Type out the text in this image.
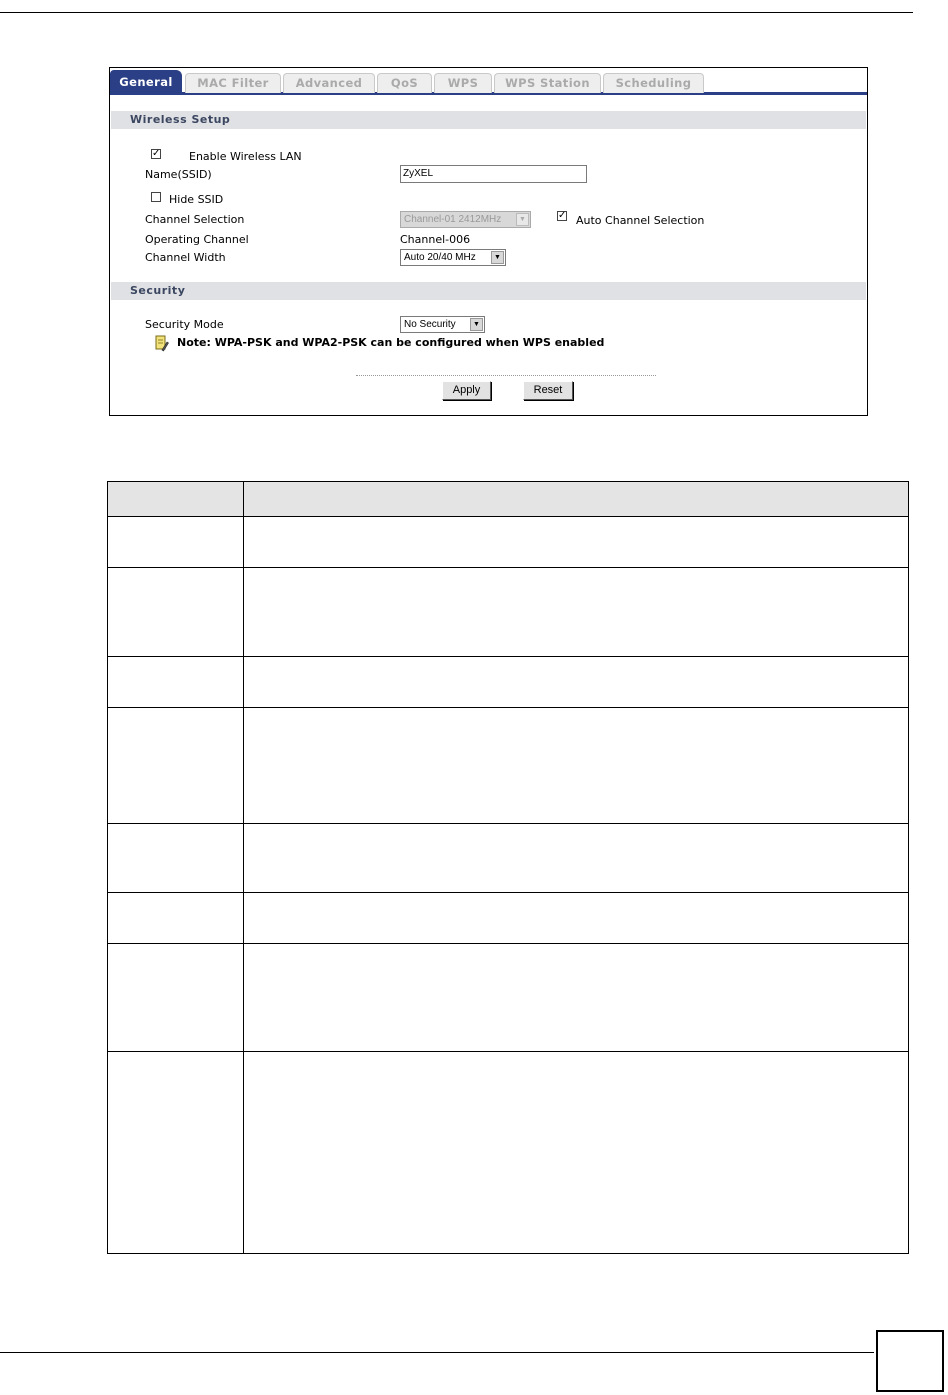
General	MAC Filter	Advanced	QoS	WPS	WPS Station	Scheduling
Wireless Setup
✓	Enable Wireless LAN
Name(SSID)	ZyXEL
Hide SSID
Channel Selection	Channel-01 2412MHz	▼	✓ Auto Channel Selection
Operating Channel	Channel-006
Channel Width	Auto 20/40 MHz	▼
Security
Security Mode	No Security	▼
Note: WPA-PSK and WPA2-PSK can be configured when WPS enabled
Apply	Reset
